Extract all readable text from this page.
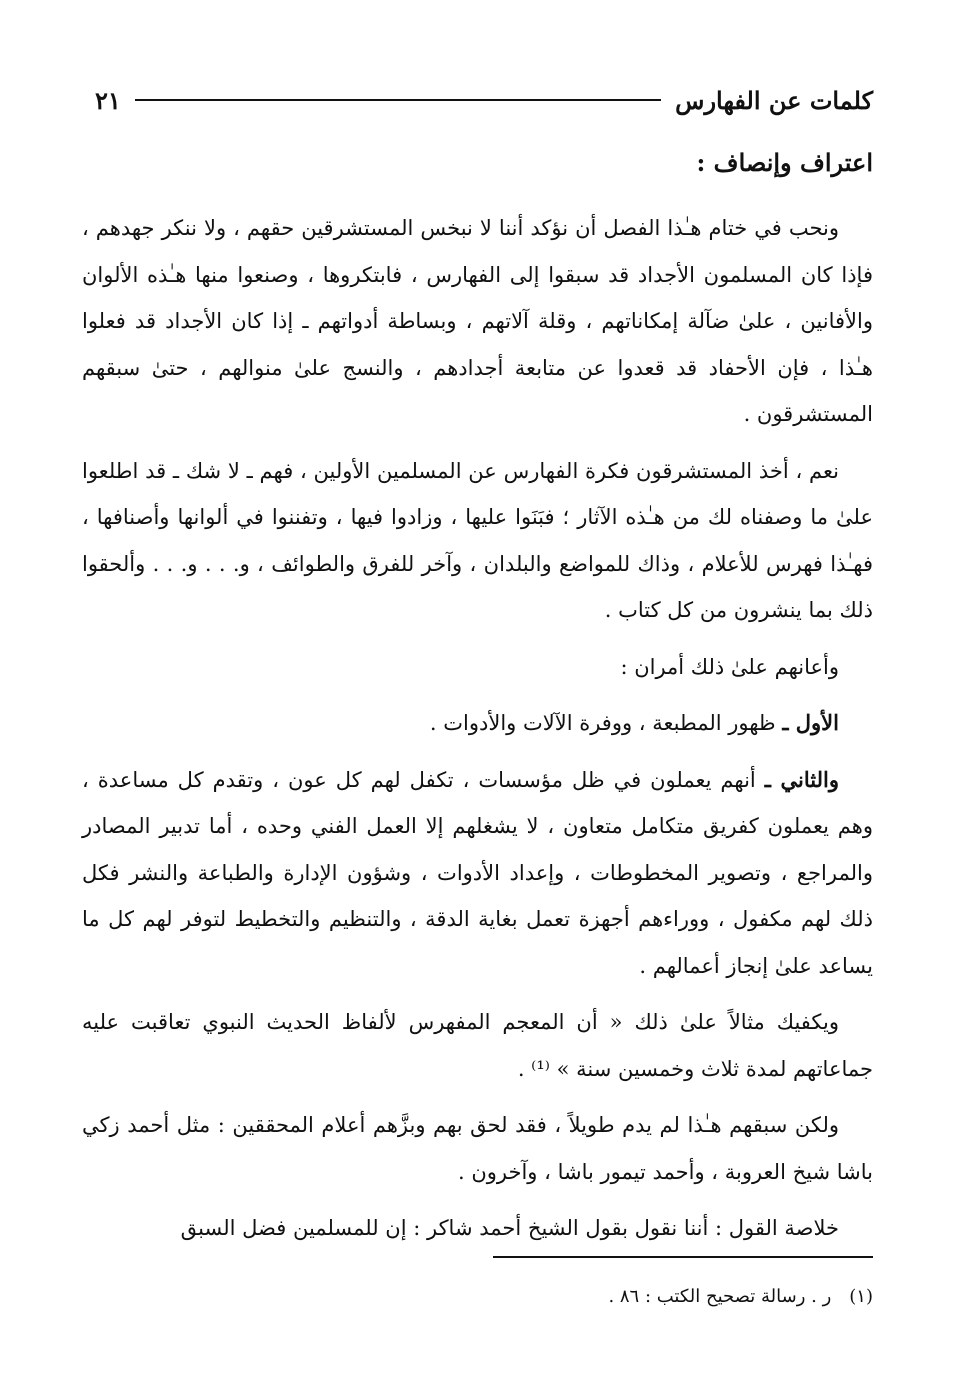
كلمات عن الفهارس
٢١
اعتراف وإنصاف :

ونحب في ختام هـٰذا الفصل أن نؤكد أننا لا نبخس المستشرقين حقهم ، ولا ننكر جهدهم ، فإذا كان المسلمون الأجداد قد سبقوا إلى الفهارس ، فابتكروها ، وصنعوا منها هـٰذه الألوان والأفانين ، علىٰ ضآلة إمكاناتهم ، وقلة آلاتهم ، وبساطة أدواتهم ـ إذا كان الأجداد قد فعلوا هـٰذا ، فإن الأحفاد قد قعدوا عن متابعة أجدادهم ، والنسج علىٰ منوالهم ، حتىٰ سبقهم المستشرقون .

نعم ، أخذ المستشرقون فكرة الفهارس عن المسلمين الأولين ، فهم ـ لا شك ـ قد اطلعوا علىٰ ما وصفناه لك من هـٰذه الآثار ؛ فبَنَوا عليها ، وزادوا فيها ، وتفننوا في ألوانها وأصنافها ، فهـٰذا فهرس للأعلام ، وذاك للمواضع والبلدان ، وآخر للفرق والطوائف ، و. . . و. . . وألحقوا ذلك بما ينشرون من كل كتاب .

وأعانهم علىٰ ذلك أمران :

الأول ـ ظهور المطبعة ، ووفرة الآلات والأدوات .

والثاني ـ أنهم يعملون في ظل مؤسسات ، تكفل لهم كل عون ، وتقدم كل مساعدة ، وهم يعملون كفريق متكامل متعاون ، لا يشغلهم إلا العمل الفني وحده ، أما تدبير المصادر والمراجع ، وتصوير المخطوطات ، وإعداد الأدوات ، وشؤون الإدارة والطباعة والنشر فكل ذلك لهم مكفول ، ووراءهم أجهزة تعمل بغاية الدقة ، والتنظيم والتخطيط لتوفر لهم كل ما يساعد علىٰ إنجاز أعمالهم .

ويكفيك مثالاً علىٰ ذلك « أن المعجم المفهرس لألفاظ الحديث النبوي تعاقبت عليه جماعاتهم لمدة ثلاث وخمسين سنة » ⁽¹⁾ .

ولكن سبقهم هـٰذا لم يدم طويلاً ، فقد لحق بهم وبزَّهم أعلام المحققين : مثل أحمد زكي باشا شيخ العروبة ، وأحمد تيمور باشا ، وآخرون .

خلاصة القول : أننا نقول بقول الشيخ أحمد شاكر : إن للمسلمين فضل السبق

(١)
ر . رسالة تصحيح الكتب : ٨٦ .
